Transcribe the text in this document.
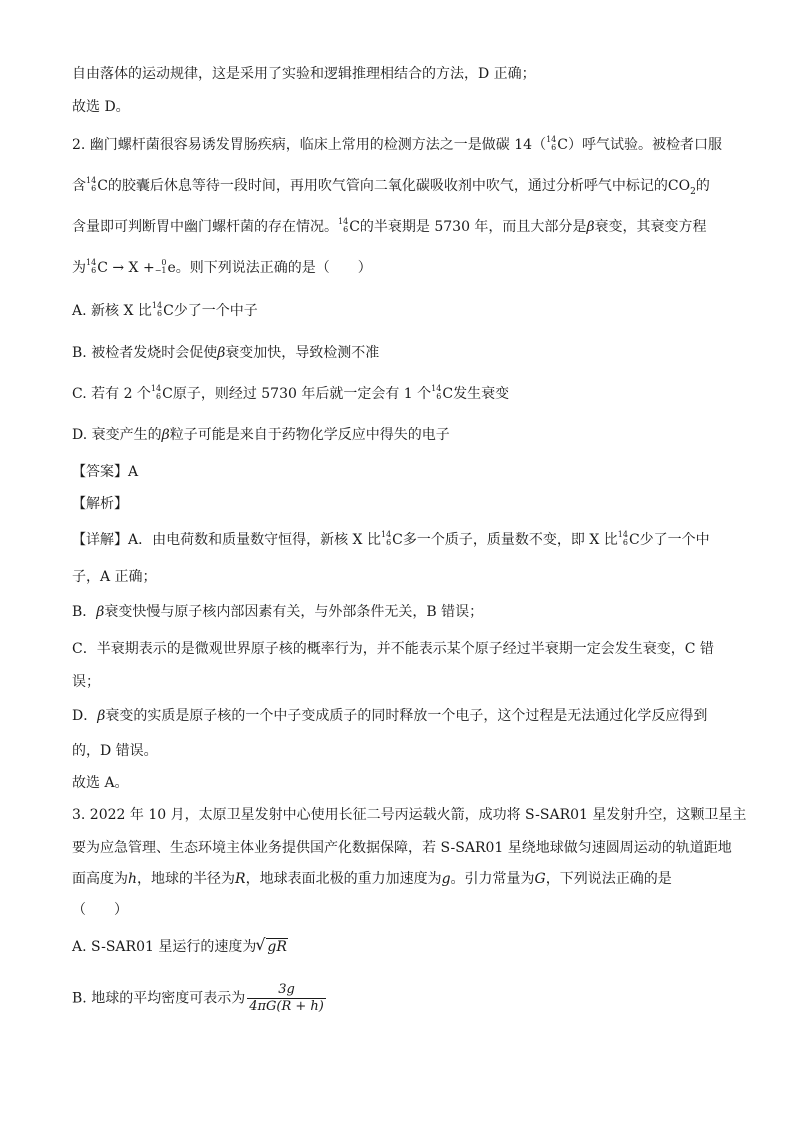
自由落体的运动规律，这是采用了实验和逻辑推理相结合的方法，D 正确；
故选 D。
2. 幽门螺杆菌很容易诱发胃肠疾病，临床上常用的检测方法之一是做碳 14（ 14
6 C）呼气试验。被检者口服
含 14
6 C的胶囊后休息等待一段时间，再用吹气管向二氧化碳吸收剂中吹气，通过分析呼气中标记的$CO_2$的
含量即可判断胃中幽门螺杆菌的存在情况。 14
6 C的半衰期是 5730 年，而且大部分是β衰变，其衰变方程
为 14
6 C → X + 0
−1 e。则下列说法正确的是（　　）
A. 新核 X 比 14
6 C少了一个中子
B. 被检者发烧时会促使β衰变加快，导致检测不准
C. 若有 2 个 14
6 C原子，则经过 5730 年后就一定会有 1 个 14
6 C发生衰变
D. 衰变产生的β粒子可能是来自于药物化学反应中得失的电子
【答案】A
【解析】
【详解】A．由电荷数和质量数守恒得，新核 X 比 14
6 C多一个质子，质量数不变，即 X 比 14
6 C少了一个中
子，A 正确；
B．β衰变快慢与原子核内部因素有关，与外部条件无关，B 错误；
C．半衰期表示的是微观世界原子核的概率行为，并不能表示某个原子经过半衰期一定会发生衰变，C 错
误；
D．β衰变的实质是原子核的一个中子变成质子的同时释放一个电子，这个过程是无法通过化学反应得到
的，D 错误。
故选 A。
3. 2022 年 10 月，太原卫星发射中心使用长征二号丙运载火箭，成功将 S-SAR01 星发射升空，这颗卫星主
要为应急管理、生态环境主体业务提供国产化数据保障，若 S-SAR01 星绕地球做匀速圆周运动的轨道距地
面高度为h，地球的半径为R，地球表面北极的重力加速度为g。引力常量为G，下列说法正确的是
（　　）
A. S-SAR01 星运行的速度为√ gR
B. 地球的平均密度可表示为 $\frac{3g}{4\pi G(R + h)}$
